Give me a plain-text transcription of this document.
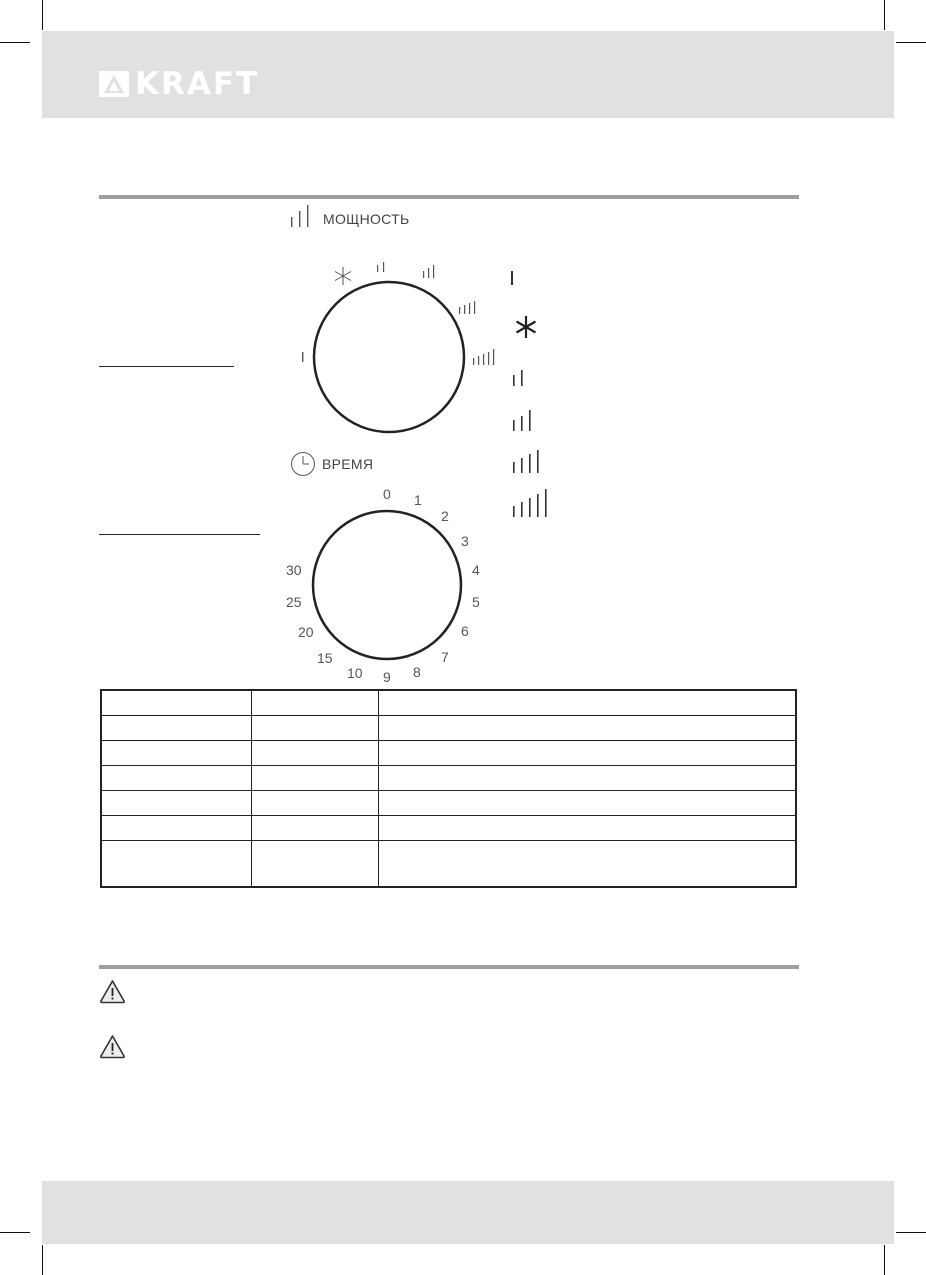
KRAFT
МОЩНОСТЬ
ВРЕМЯ
0 1
2
3
4
5
6
7
8
9
10
15
20
25
30
